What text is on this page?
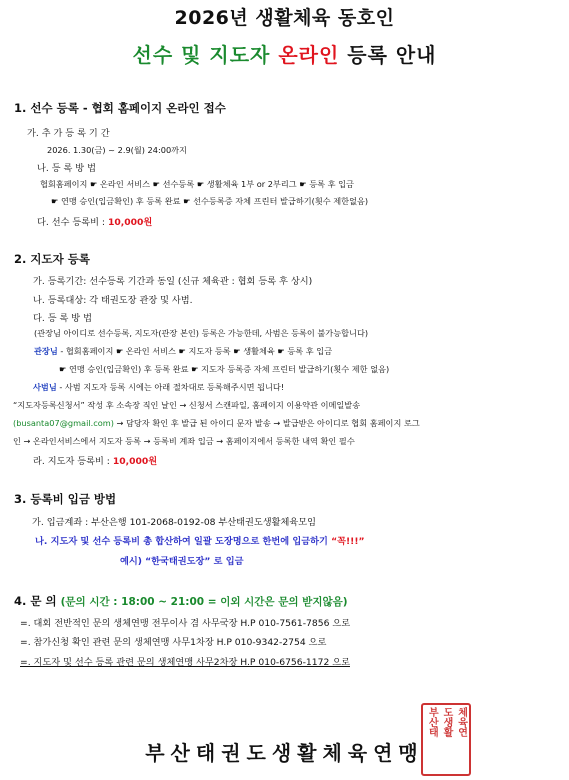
2026년 생활체육 동호인
선수 및 지도자 온라인 등록 안내
1. 선수 등록 - 협회 홈페이지 온라인 접수
가. 추 가 등 록 기 간
2026. 1.30(금) ~ 2.9(월) 24:00까지
나. 등 록 방 법
협회홈페이지 ☛ 온라인 서비스 ☛ 선수등록 ☛ 생활체육 1부 or 2부리그 ☛ 등록 후 입금
☛ 연맹 승인(입금확인) 후 등록 완료 ☛ 선수등록증 자체 프린터 발급하기(횟수 제한없음)
다. 선수 등록비 : 10,000원
2. 지도자 등록
가. 등록기간: 선수등록 기간과 동일 (신규 체육관 : 협회 등록 후 상시)
나. 등록대상: 각 태권도장 관장 및 사범.
다. 등 록 방 법
(관장님 아이디로 선수등록, 지도자(관장 본인) 등록은 가능한데, 사범은 등록이 불가능합니다)
관장님 - 협회홈페이지 ☛ 온라인 서비스 ☛ 지도자 등록 ☛ 생활체육 ☛ 등록 후 입금
☛ 연맹 승인(입금확인) 후 등록 완료 ☛ 지도자 등록증 자체 프린터 발급하기(횟수 제한 없음)
사범님 - 사범 지도자 등록 시에는 아래 절차대로 등록해주시면 됩니다!
“지도자등록신청서” 작성 후 소속장 직인 날인 → 신청서 스캔파일, 홈페이지 이용약관 이메일발송
(busanta07@gmail.com) → 담당자 확인 후 발급 된 아이디 문자 발송 → 발급받은 아이디로 협회 홈페이지 로그
인 → 온라인서비스에서 지도자 등록 → 등록비 계좌 입금 → 홈페이지에서 등록한 내역 확인 필수
라. 지도자 등록비 : 10,000원
3. 등록비 입금 방법
가. 입금계좌 : 부산은행 101-2068-0192-08 부산태권도생활체육모임
나. 지도자 및 선수 등록비 총 합산하여 일괄 도장명으로 한번에 입금하기 “꼭!!!”
예시) “한국태권도장” 로 입금
4. 문 의 (문의 시간 : 18:00 ~ 21:00 = 이외 시간은 문의 받지않음)
=. 대회 전반적인 문의 생체연맹 전무이사 겸 사무국장 H.P 010-7561-7856 으로
=. 참가신청 확인 관련 문의 생체연맹 사무1차장 H.P 010-9342-2754 으로
=. 지도자 및 선수 등록 관련 문의 생체연맹 사무2차장 H.P 010-6756-1172 으로
부산태권도생활체육연맹
체육연
도생활
부산태
